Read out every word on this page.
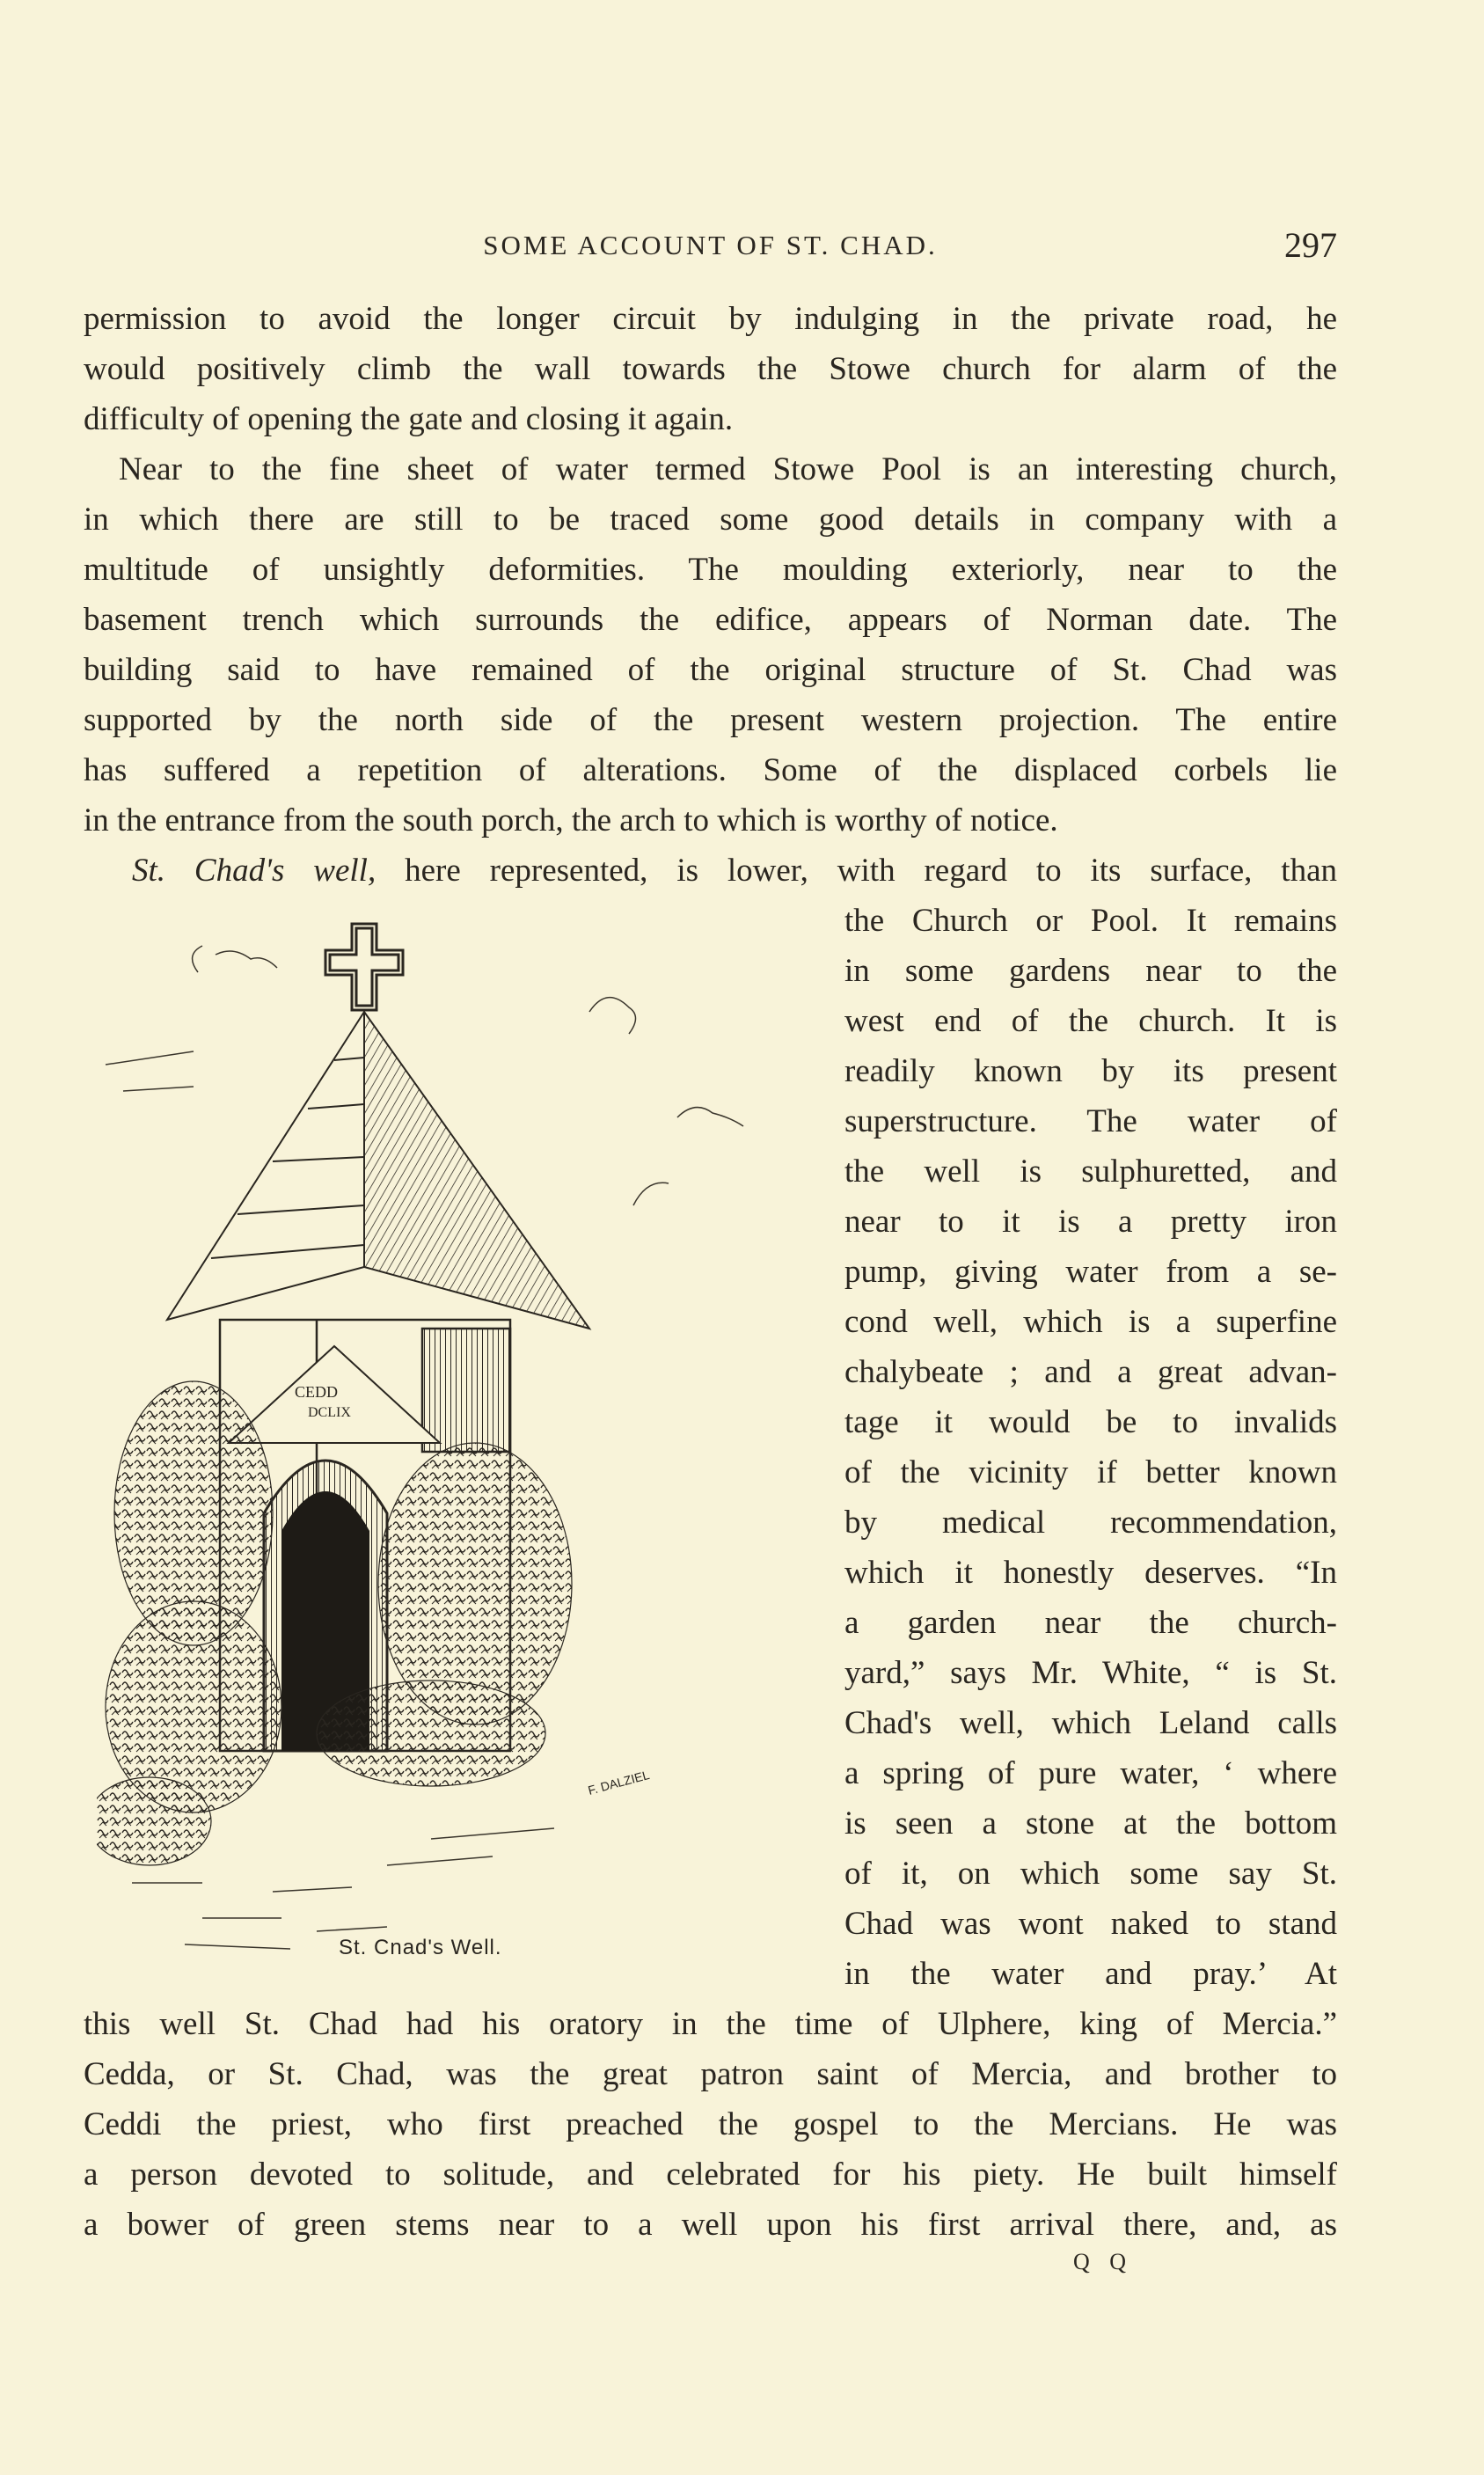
SOME ACCOUNT OF ST. CHAD.	297
permission to avoid the longer circuit by indulging in the private road, he
would positively climb the wall towards the Stowe church for alarm of the
difficulty of opening the gate and closing it again.
Near to the fine sheet of water termed Stowe Pool is an interesting church,
in which there are still to be traced some good details in company with a
multitude of unsightly deformities. The moulding exteriorly, near to the
basement trench which surrounds the edifice, appears of Norman date. The
building said to have remained of the original structure of St. Chad was
supported by the north side of the present western projection. The entire
has suffered a repetition of alterations. Some of the displaced corbels lie
in the entrance from the south porch, the arch to which is worthy of notice.
St. Chad's well, here represented, is lower, with regard to its surface, than
the Church or Pool. It remains
in some gardens near to the
west end of the church. It is
readily known by its present
superstructure. The water of
the well is sulphuretted, and
near to it is a pretty iron
pump, giving water from a se-
cond well, which is a superfine
chalybeate ; and a great advan-
tage it would be to invalids
of the vicinity if better known
by medical recommendation,
which it honestly deserves. “In
a garden near the church-
yard,” says Mr. White, “ is St.
Chad's well, which Leland calls
a spring of pure water, ‘ where
is seen a stone at the bottom
of it, on which some say St.
Chad was wont naked to stand
in the water and pray.’ At
this well St. Chad had his oratory in the time of Ulphere, king of Mercia.”
Cedda, or St. Chad, was the great patron saint of Mercia, and brother to
Ceddi the priest, who first preached the gospel to the Mercians. He was
a person devoted to solitude, and celebrated for his piety. He built himself
a bower of green stems near to a well upon his first arrival there, and, as
CEDD
DCLIX
F. DALZIEL
St. Cnad's Well.
Q Q
